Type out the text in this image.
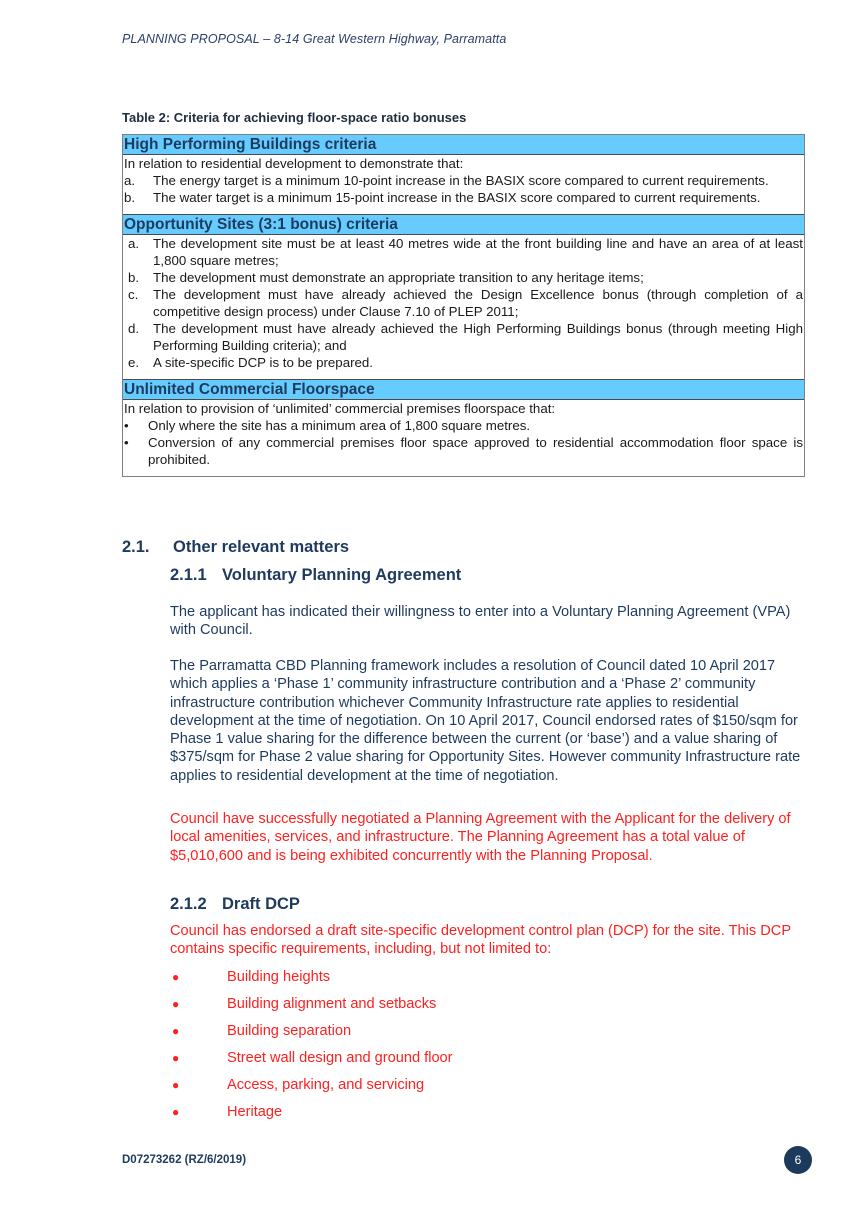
PLANNING PROPOSAL – 8-14 Great Western Highway, Parramatta
Table 2: Criteria for achieving floor-space ratio bonuses
High Performing Buildings criteria
In relation to residential development to demonstrate that:
a.	The energy target is a minimum 10-point increase in the BASIX score compared to current requirements.
b.	The water target is a minimum 15-point increase in the BASIX score compared to current requirements.
Opportunity Sites (3:1 bonus) criteria
a.	The development site must be at least 40 metres wide at the front building line and have an area of at least 1,800 square metres;
b.	The development must demonstrate an appropriate transition to any heritage items;
c.	The development must have already achieved the Design Excellence bonus (through completion of a competitive design process) under Clause 7.10 of PLEP 2011;
d.	The development must have already achieved the High Performing Buildings bonus (through meeting High Performing Building criteria); and
e.	A site-specific DCP is to be prepared.
Unlimited Commercial Floorspace
In relation to provision of ‘unlimited’ commercial premises floorspace that:
•	Only where the site has a minimum area of 1,800 square metres.
•	Conversion of any commercial premises floor space approved to residential accommodation floor space is prohibited.
2.1. Other relevant matters
2.1.1 Voluntary Planning Agreement
The applicant has indicated their willingness to enter into a Voluntary Planning Agreement (VPA) with Council.
The Parramatta CBD Planning framework includes a resolution of Council dated 10 April 2017 which applies a ‘Phase 1’ community infrastructure contribution and a ‘Phase 2’ community infrastructure contribution whichever Community Infrastructure rate applies to residential development at the time of negotiation. On 10 April 2017, Council endorsed rates of $150/sqm for Phase 1 value sharing for the difference between the current (or ‘base’) and a value sharing of $375/sqm for Phase 2 value sharing for Opportunity Sites. However community Infrastructure rate applies to residential development at the time of negotiation.
Council have successfully negotiated a Planning Agreement with the Applicant for the delivery of local amenities, services, and infrastructure. The Planning Agreement has a total value of $5,010,600 and is being exhibited concurrently with the Planning Proposal.
2.1.2 Draft DCP
Council has endorsed a draft site-specific development control plan (DCP) for the site. This DCP contains specific requirements, including, but not limited to:
●	Building heights
●	Building alignment and setbacks
●	Building separation
●	Street wall design and ground floor
●	Access, parking, and servicing
●	Heritage
D07273262 (RZ/6/2019)	6
